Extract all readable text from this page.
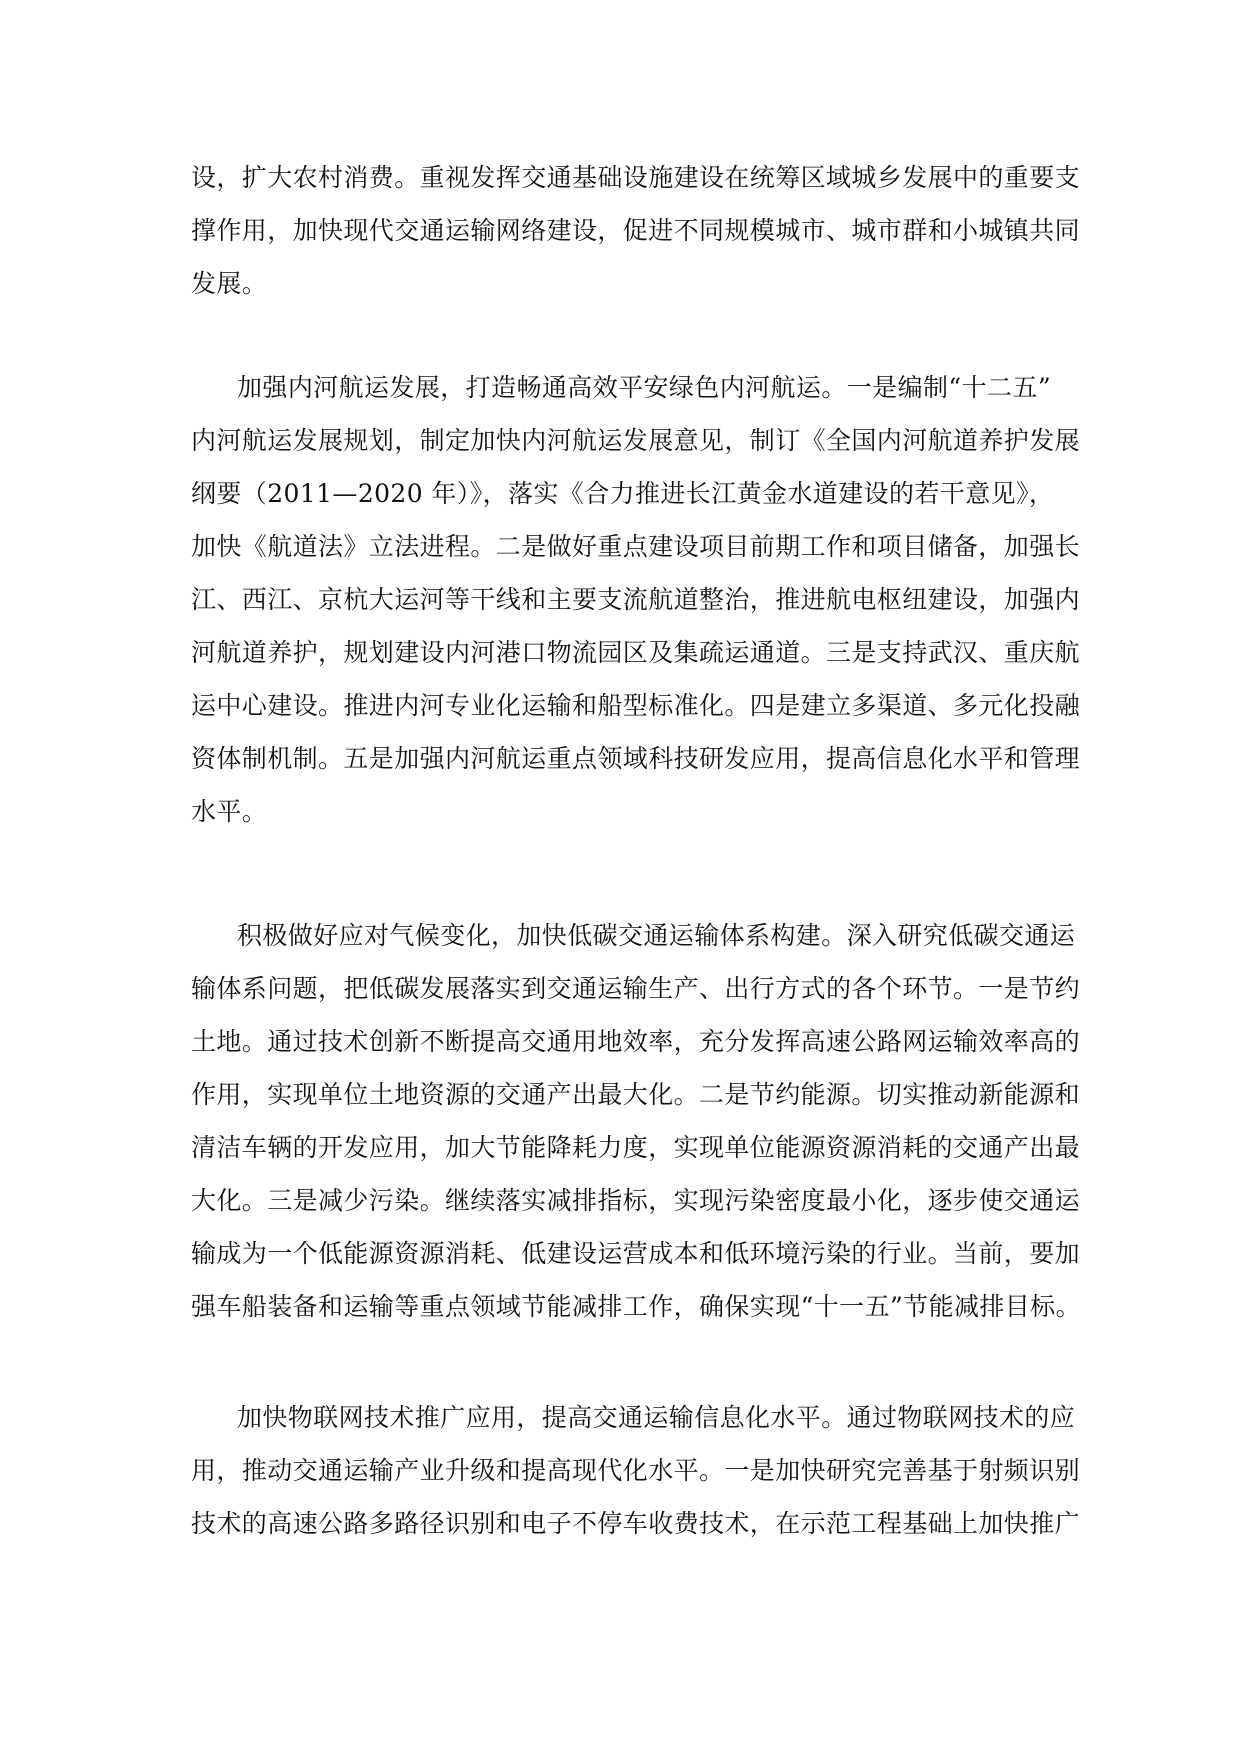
设，扩大农村消费。重视发挥交通基础设施建设在统筹区域城乡发展中的重要支
撑作用，加快现代交通运输网络建设，促进不同规模城市、城市群和小城镇共同
发展。

加强内河航运发展，打造畅通高效平安绿色内河航运。一是编制“十二五”
内河航运发展规划，制定加快内河航运发展意见，制订《全国内河航道养护发展
纲要（2011—2020 年）》，落实《合力推进长江黄金水道建设的若干意见》，
加快《航道法》立法进程。二是做好重点建设项目前期工作和项目储备，加强长
江、西江、京杭大运河等干线和主要支流航道整治，推进航电枢纽建设，加强内
河航道养护，规划建设内河港口物流园区及集疏运通道。三是支持武汉、重庆航
运中心建设。推进内河专业化运输和船型标准化。四是建立多渠道、多元化投融
资体制机制。五是加强内河航运重点领域科技研发应用，提高信息化水平和管理
水平。

积极做好应对气候变化，加快低碳交通运输体系构建。深入研究低碳交通运
输体系问题，把低碳发展落实到交通运输生产、出行方式的各个环节。一是节约
土地。通过技术创新不断提高交通用地效率，充分发挥高速公路网运输效率高的
作用，实现单位土地资源的交通产出最大化。二是节约能源。切实推动新能源和
清洁车辆的开发应用，加大节能降耗力度，实现单位能源资源消耗的交通产出最
大化。三是减少污染。继续落实减排指标，实现污染密度最小化，逐步使交通运
输成为一个低能源资源消耗、低建设运营成本和低环境污染的行业。当前，要加
强车船装备和运输等重点领域节能减排工作，确保实现“十一五”节能减排目标。

加快物联网技术推广应用，提高交通运输信息化水平。通过物联网技术的应
用，推动交通运输产业升级和提高现代化水平。一是加快研究完善基于射频识别
技术的高速公路多路径识别和电子不停车收费技术，在示范工程基础上加快推广
